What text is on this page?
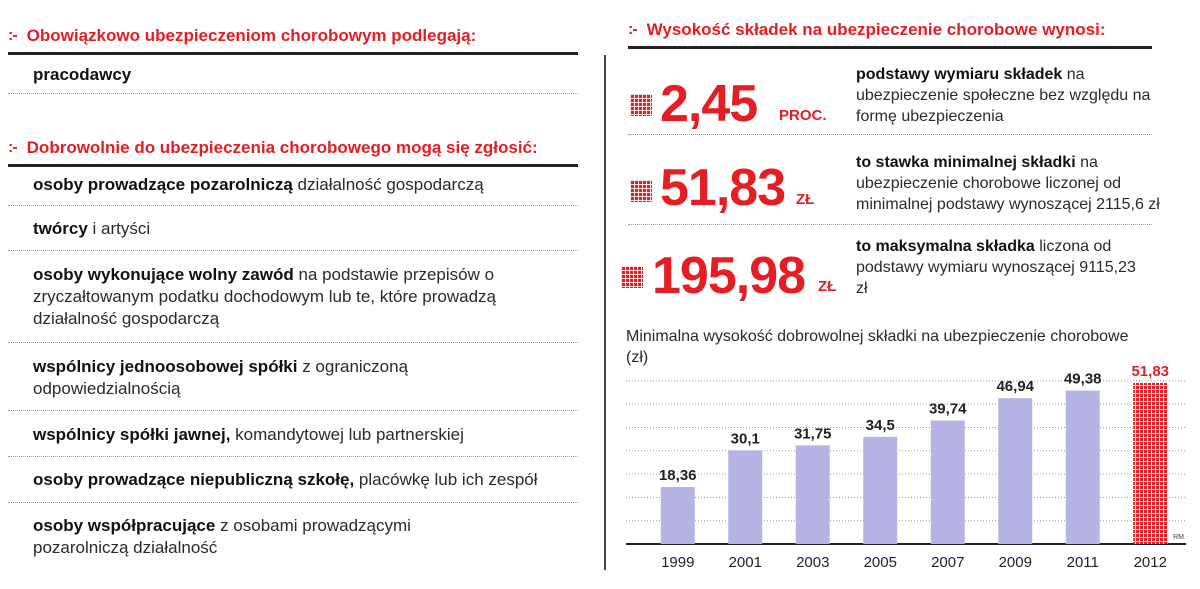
:- Obowiązkowo ubezpieczeniom chorobowym podlegają:
pracodawcy
:- Dobrowolnie do ubezpieczenia chorobowego mogą się zgłosić:
osoby prowadzące pozarolniczą działalność gospodarczą
twórcy i artyści
osoby wykonujące wolny zawód na podstawie przepisów o zryczałtowanym podatku dochodowym lub te, które prowadzą działalność gospodarczą
wspólnicy jednoosobowej spółki z ograniczoną odpowiedzialnością
wspólnicy spółki jawnej, komandytowej lub partnerskiej
osoby prowadzące niepubliczną szkołę, placówkę lub ich zespół
osoby współpracujące z osobami prowadzącymi pozarolniczą działalność
:- Wysokość składek na ubezpieczenie chorobowe wynosi:
2,45 PROC.
podstawy wymiaru składek na ubezpieczenie społeczne bez względu na formę ubezpieczenia
51,83 ZŁ
to stawka minimalnej składki na ubezpieczenie chorobowe liczonej od minimalnej podstawy wynoszącej 2115,6 zł
195,98 ZŁ
to maksymalna składka liczona od podstawy wymiaru wynoszącej 9115,23 zł
Minimalna wysokość dobrowolnej składki na ubezpieczenie chorobowe (zł)
18,36
1999
30,1
2001
31,75
2003
34,5
2005
39,74
2007
46,94
2009
49,38
2011
51,83
2012
RM
